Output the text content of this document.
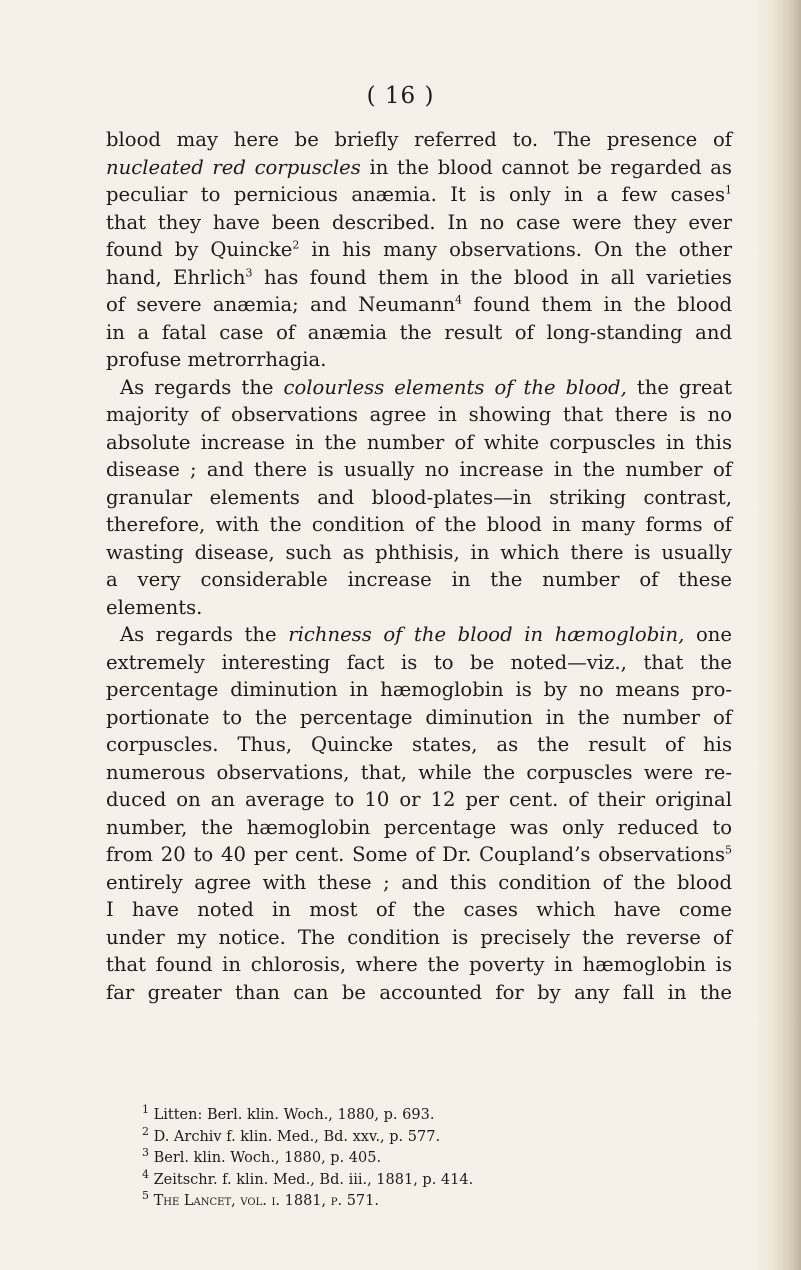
( 16 )
blood may here be briefly referred to. The presence of
nucleated red corpuscles in the blood cannot be regarded as
peculiar to pernicious anæmia. It is only in a few cases$^1$
that they have been described. In no case were they ever
found by Quincke$^2$ in his many observations. On the other
hand, Ehrlich$^3$ has found them in the blood in all varieties
of severe anæmia; and Neumann$^4$ found them in the blood
in a fatal case of anæmia the result of long-standing and
profuse metrorrhagia.
As regards the colourless elements of the blood, the great
majority of observations agree in showing that there is no
absolute increase in the number of white corpuscles in this
disease ; and there is usually no increase in the number of
granular elements and blood-plates—in striking contrast,
therefore, with the condition of the blood in many forms of
wasting disease, such as phthisis, in which there is usually
a very considerable increase in the number of these
elements.
As regards the richness of the blood in hæmoglobin, one
extremely interesting fact is to be noted—viz., that the
percentage diminution in hæmoglobin is by no means pro-
portionate to the percentage diminution in the number of
corpuscles. Thus, Quincke states, as the result of his
numerous observations, that, while the corpuscles were re-
duced on an average to 10 or 12 per cent. of their original
number, the hæmoglobin percentage was only reduced to
from 20 to 40 per cent. Some of Dr. Coupland’s observations$^5$
entirely agree with these ; and this condition of the blood
I have noted in most of the cases which have come
under my notice. The condition is precisely the reverse of
that found in chlorosis, where the poverty in hæmoglobin is
far greater than can be accounted for by any fall in the
$^1$ Litten: Berl. klin. Woch., 1880, p. 693.
$^2$ D. Archiv f. klin. Med., Bd. xxv., p. 577.
$^3$ Berl. klin. Woch., 1880, p. 405.
$^4$ Zeitschr. f. klin. Med., Bd. iii., 1881, p. 414.
$^5$ The Lancet, vol. i. 1881, p. 571.
